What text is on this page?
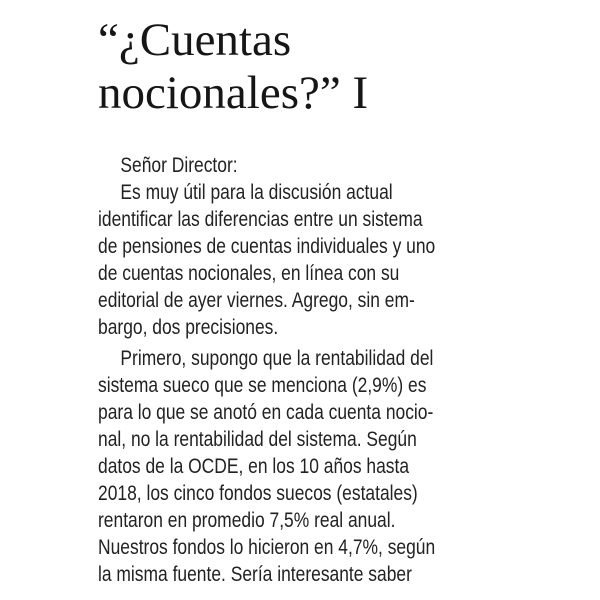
“¿Cuentas
nocionales?” I
Señor Director:
Es muy útil para la discusión actual
identificar las diferencias entre un sistema
de pensiones de cuentas individuales y uno
de cuentas nocionales, en línea con su
editorial de ayer viernes. Agrego, sin em-
bargo, dos precisiones.
Primero, supongo que la rentabilidad del
sistema sueco que se menciona (2,9%) es
para lo que se anotó en cada cuenta nocio-
nal, no la rentabilidad del sistema. Según
datos de la OCDE, en los 10 años hasta
2018, los cinco fondos suecos (estatales)
rentaron en promedio 7,5% real anual.
Nuestros fondos lo hicieron en 4,7%, según
la misma fuente. Sería interesante saber
